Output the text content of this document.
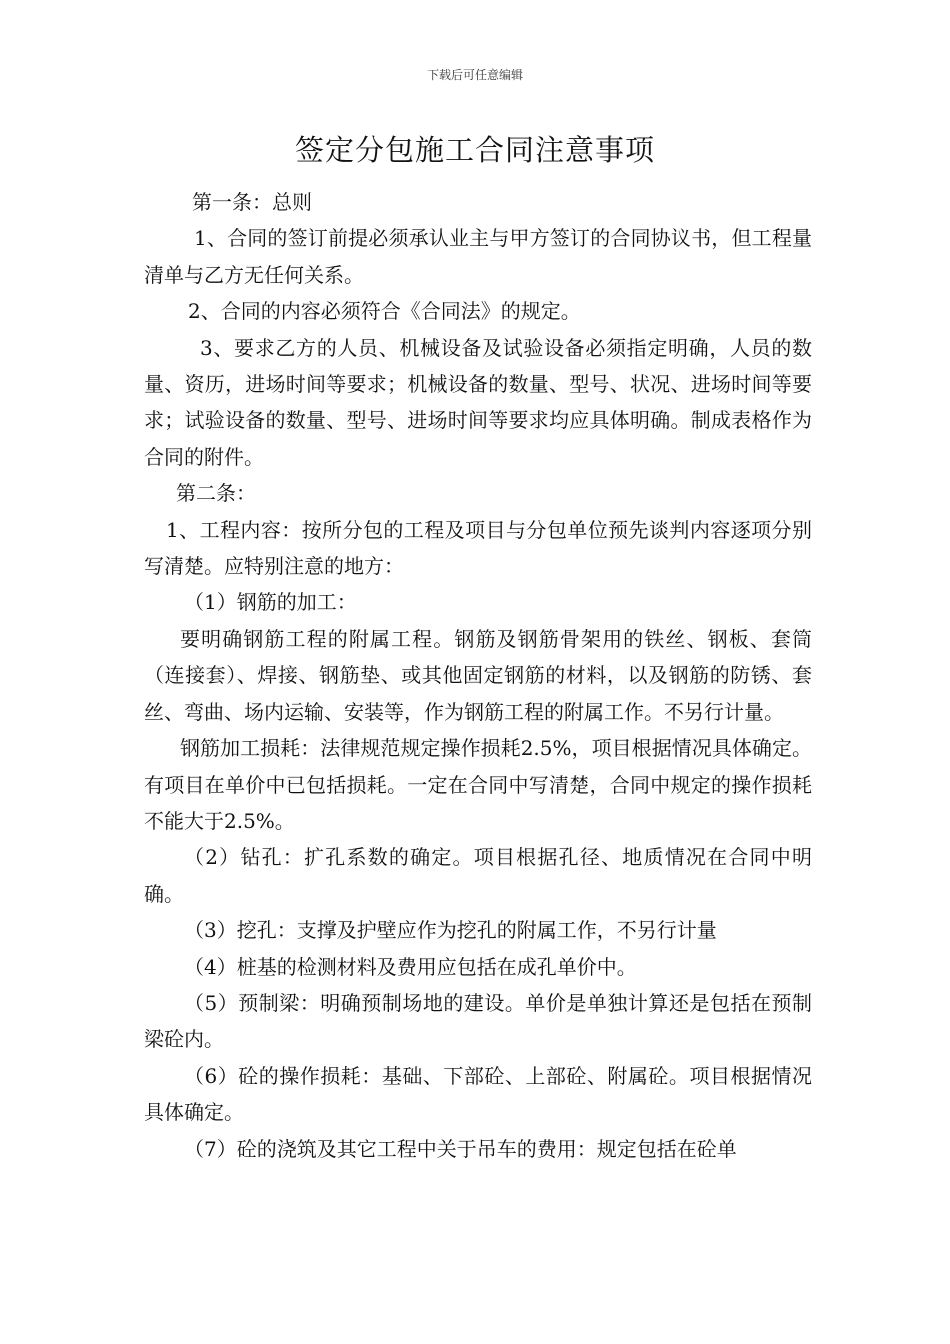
下载后可任意编辑
签定分包施工合同注意事项

第一条：总则

1、合同的签订前提必须承认业主与甲方签订的合同协议书，但工程量清单与乙方无任何关系。

2、合同的内容必须符合《合同法》的规定。

3、要求乙方的人员、机械设备及试验设备必须指定明确，人员的数量、资历，进场时间等要求；机械设备的数量、型号、状况、进场时间等要求；试验设备的数量、型号、进场时间等要求均应具体明确。制成表格作为合同的附件。

第二条：

1、工程内容：按所分包的工程及项目与分包单位预先谈判内容逐项分别写清楚。应特别注意的地方：

（1）钢筋的加工：

要明确钢筋工程的附属工程。钢筋及钢筋骨架用的铁丝、钢板、套筒（连接套）、焊接、钢筋垫、或其他固定钢筋的材料，以及钢筋的防锈、套丝、弯曲、场内运输、安装等，作为钢筋工程的附属工作。不另行计量。

钢筋加工损耗：法律规范规定操作损耗2.5%，项目根据情况具体确定。有项目在单价中已包括损耗。一定在合同中写清楚，合同中规定的操作损耗不能大于2.5%。

（2）钻孔：扩孔系数的确定。项目根据孔径、地质情况在合同中明确。

（3）挖孔：支撑及护壁应作为挖孔的附属工作，不另行计量

（4）桩基的检测材料及费用应包括在成孔单价中。

（5）预制梁：明确预制场地的建设。单价是单独计算还是包括在预制梁砼内。

（6）砼的操作损耗：基础、下部砼、上部砼、附属砼。项目根据情况具体确定。

（7）砼的浇筑及其它工程中关于吊车的费用：规定包括在砼单
